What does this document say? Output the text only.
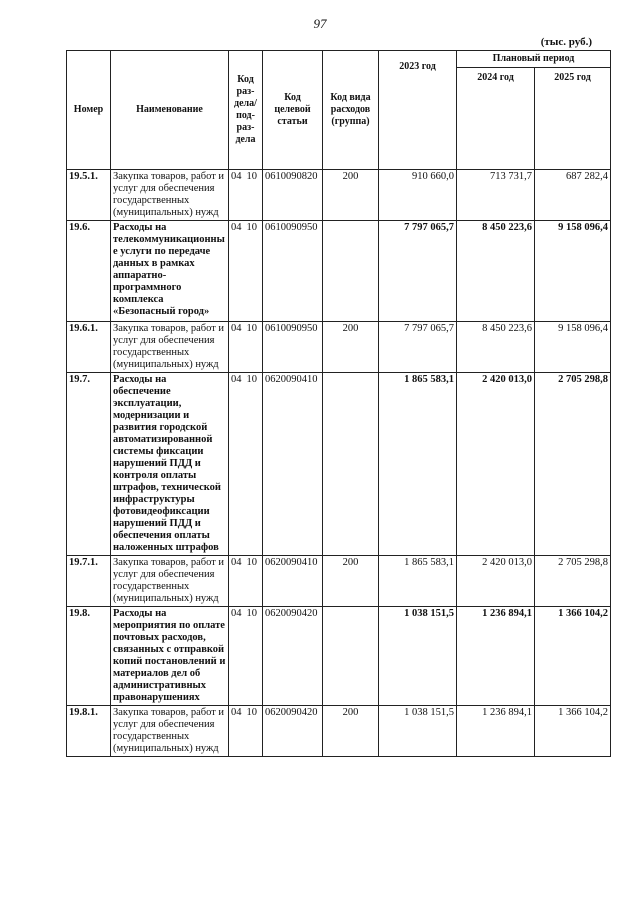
97
(тыс. руб.)
Номер	Наименование	Код раз- дела/ под- раз- дела	Код целевой статьи	Код вида расходов (группа)	2023 год	Плановый период	
						2024 год	2025 год
19.5.1.	Закупка товаров, работ и услуг для обеспечения государственных (муниципальных) нужд	04 10	0610090820	200	910 660,0	713 731,7	687 282,4
19.6.	Расходы на телекоммуникационные услуги по передаче данных в рамках аппаратно-программного комплекса «Безопасный город»	04 10	0610090950		7 797 065,7	8 450 223,6	9 158 096,4
19.6.1.	Закупка товаров, работ и услуг для обеспечения государственных (муниципальных) нужд	04 10	0610090950	200	7 797 065,7	8 450 223,6	9 158 096,4
19.7.	Расходы на обеспечение эксплуатации, модернизации и развития городской автоматизированной системы фиксации нарушений ПДД и контроля оплаты штрафов, технической инфраструктуры фотовидеофиксации нарушений ПДД и обеспечения оплаты наложенных штрафов	04 10	0620090410		1 865 583,1	2 420 013,0	2 705 298,8
19.7.1.	Закупка товаров, работ и услуг для обеспечения государственных (муниципальных) нужд	04 10	0620090410	200	1 865 583,1	2 420 013,0	2 705 298,8
19.8.	Расходы на мероприятия по оплате почтовых расходов, связанных с отправкой копий постановлений и материалов дел об административных правонарушениях	04 10	0620090420		1 038 151,5	1 236 894,1	1 366 104,2
19.8.1.	Закупка товаров, работ и услуг для обеспечения государственных (муниципальных) нужд	04 10	0620090420	200	1 038 151,5	1 236 894,1	1 366 104,2
